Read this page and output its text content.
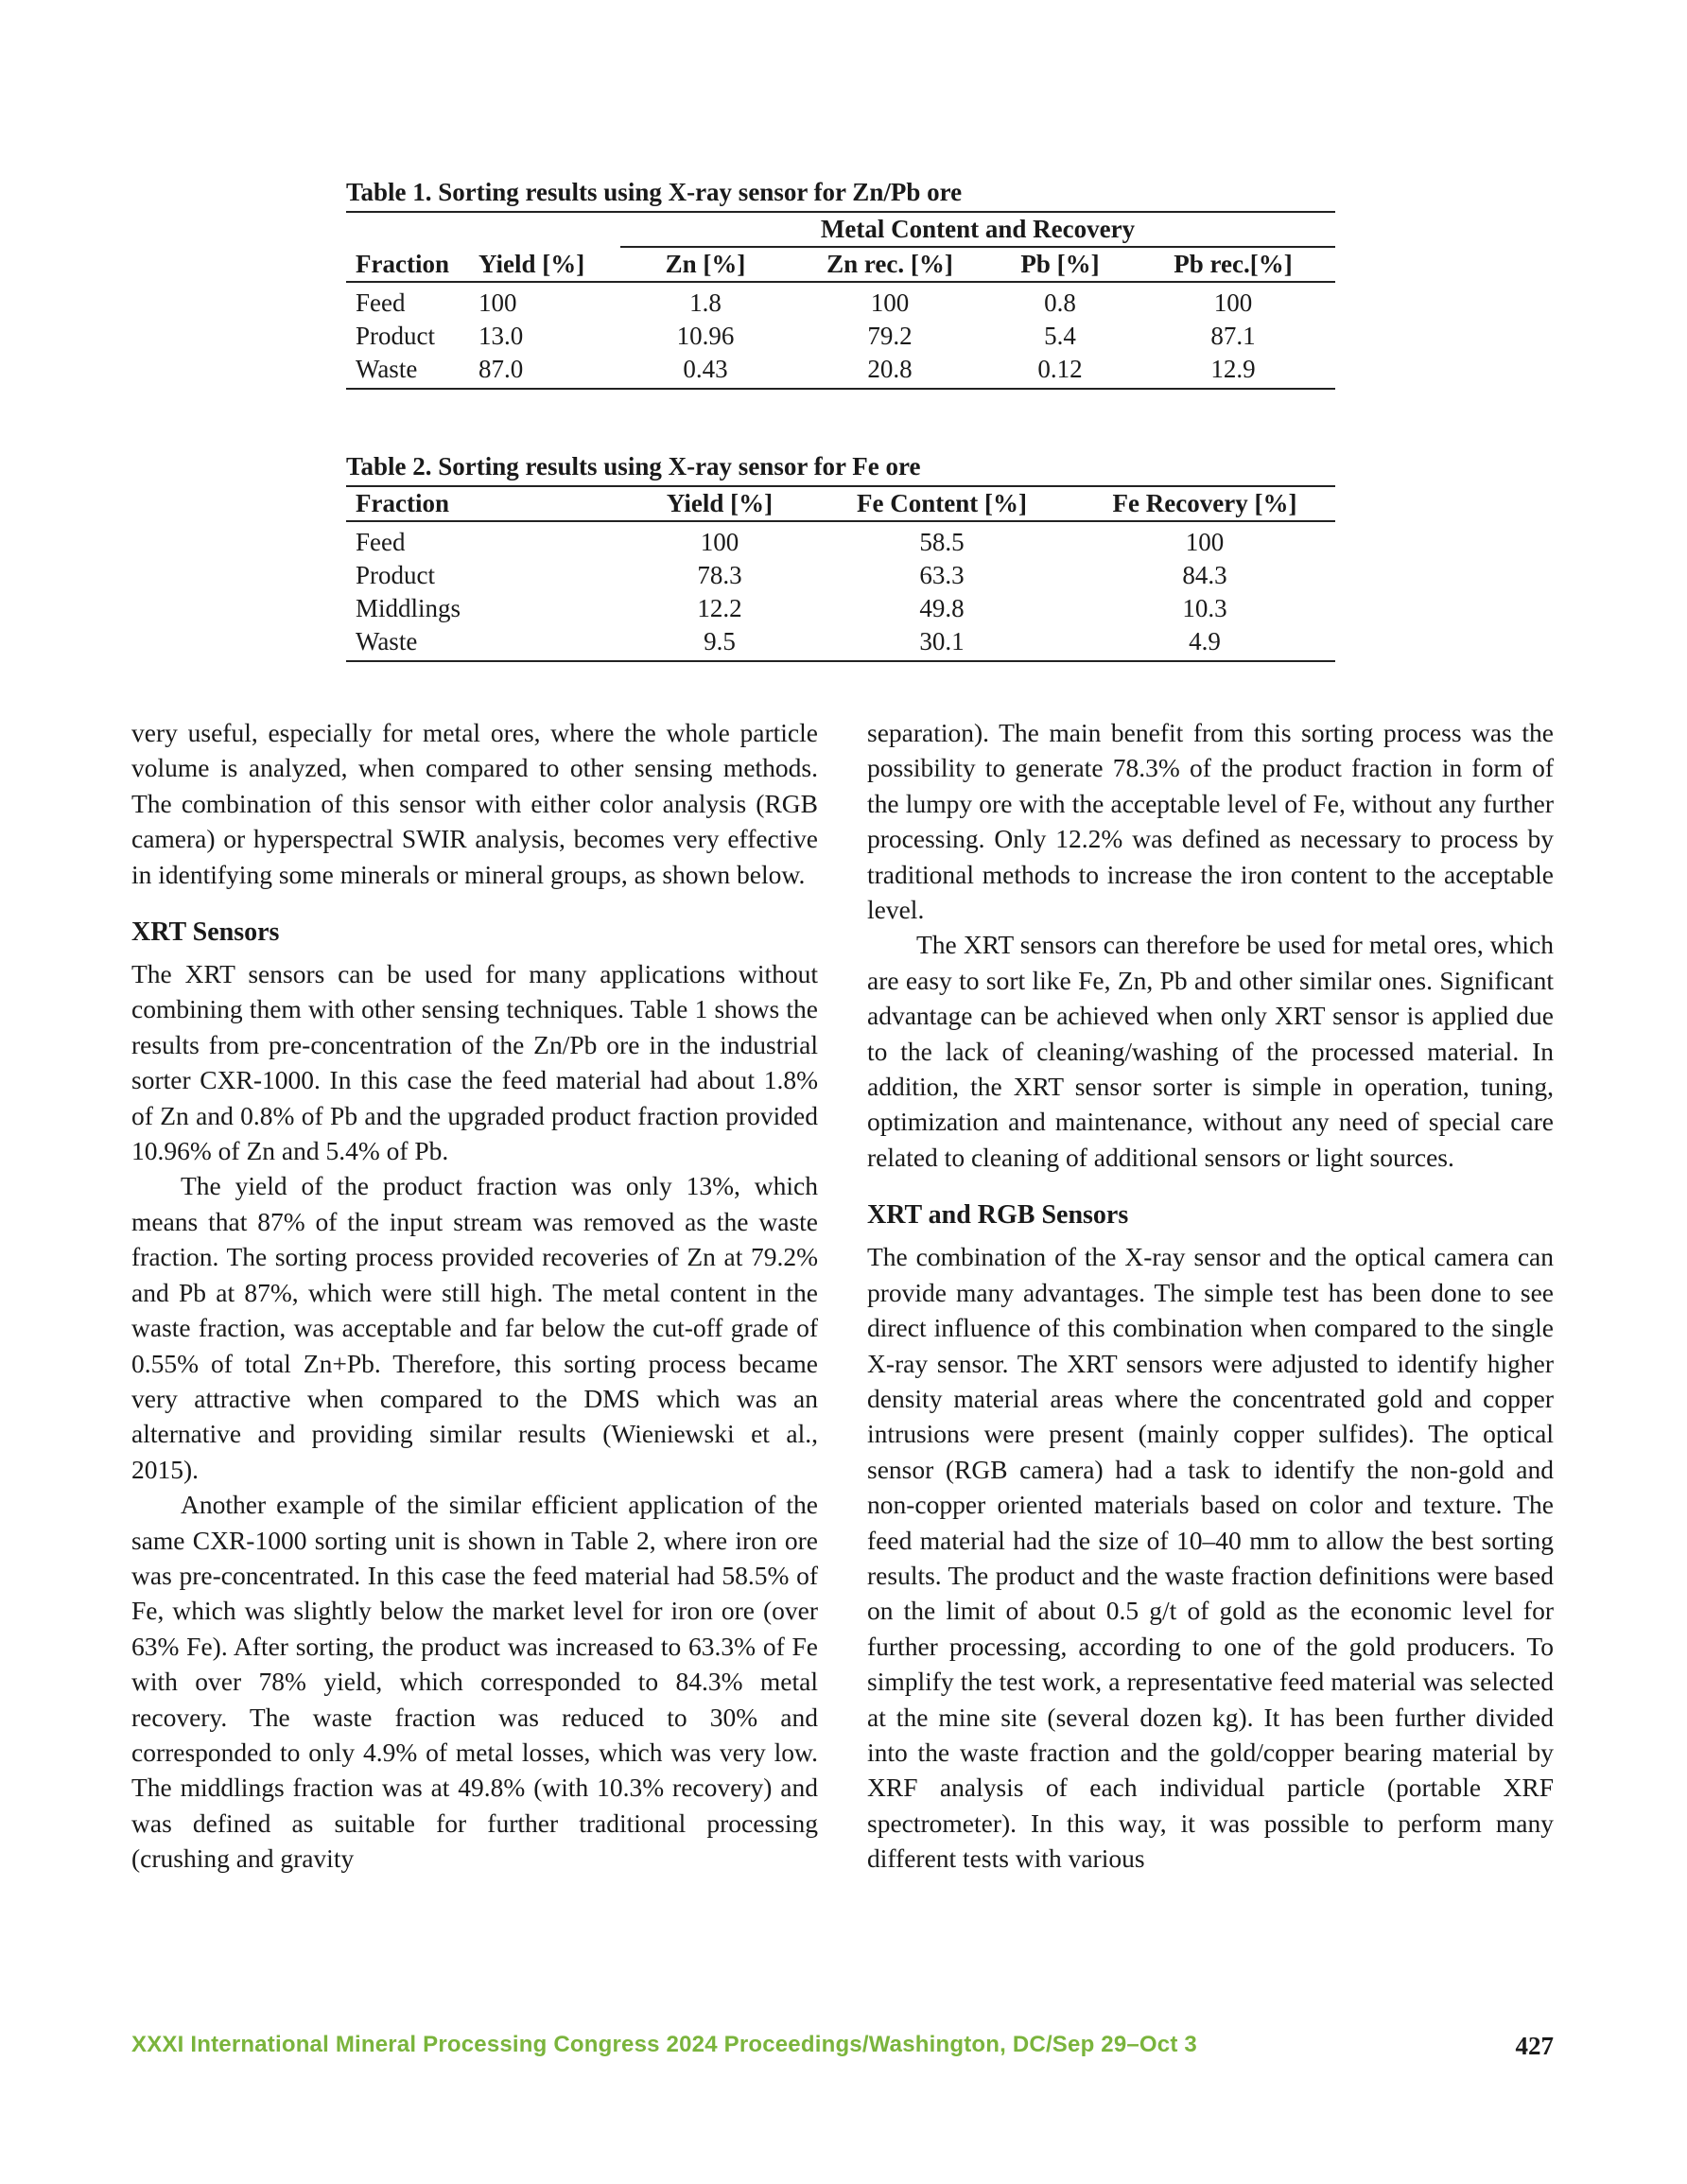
Table 1. Sorting results using X-ray sensor for Zn/Pb ore
		Metal Content and Recovery			
Fraction	Yield [%]	Zn [%]	Zn rec. [%]	Pb [%]	Pb rec.[%]
Feed	100	1.8	100	0.8	100
Product	13.0	10.96	79.2	5.4	87.1
Waste	87.0	0.43	20.8	0.12	12.9
Table 2. Sorting results using X-ray sensor for Fe ore
Fraction	Yield [%]	Fe Content [%]	Fe Recovery [%]
Feed	100	58.5	100
Product	78.3	63.3	84.3
Middlings	12.2	49.8	10.3
Waste	9.5	30.1	4.9

very useful, especially for metal ores, where the whole particle volume is analyzed, when compared to other sensing methods. The combination of this sensor with either color analysis (RGB camera) or hyperspectral SWIR analysis, becomes very effective in identifying some minerals or mineral groups, as shown below.

XRT Sensors

The XRT sensors can be used for many applications without combining them with other sensing techniques. Table 1 shows the results from pre-concentration of the Zn/Pb ore in the industrial sorter CXR-1000. In this case the feed material had about 1.8% of Zn and 0.8% of Pb and the upgraded product fraction provided 10.96% of Zn and 5.4% of Pb.

The yield of the product fraction was only 13%, which means that 87% of the input stream was removed as the waste fraction. The sorting process provided recoveries of Zn at 79.2% and Pb at 87%, which were still high. The metal content in the waste fraction, was acceptable and far below the cut-off grade of 0.55% of total Zn+Pb. Therefore, this sorting process became very attractive when compared to the DMS which was an alternative and providing similar results (Wieniewski et al., 2015).

Another example of the similar efficient application of the same CXR-1000 sorting unit is shown in Table 2, where iron ore was pre-concentrated. In this case the feed material had 58.5% of Fe, which was slightly below the market level for iron ore (over 63% Fe). After sorting, the product was increased to 63.3% of Fe with over 78% yield, which corresponded to 84.3% metal recovery. The waste fraction was reduced to 30% and corresponded to only 4.9% of metal losses, which was very low. The middlings fraction was at 49.8% (with 10.3% recovery) and was defined as suitable for further traditional processing (crushing and gravity

separation). The main benefit from this sorting process was the possibility to generate 78.3% of the product fraction in form of the lumpy ore with the acceptable level of Fe, without any further processing. Only 12.2% was defined as necessary to process by traditional methods to increase the iron content to the acceptable level.

The XRT sensors can therefore be used for metal ores, which are easy to sort like Fe, Zn, Pb and other similar ones. Significant advantage can be achieved when only XRT sensor is applied due to the lack of cleaning/washing of the processed material. In addition, the XRT sensor sorter is simple in operation, tuning, optimization and maintenance, without any need of special care related to cleaning of additional sensors or light sources.

XRT and RGB Sensors

The combination of the X-ray sensor and the optical camera can provide many advantages. The simple test has been done to see direct influence of this combination when compared to the single X-ray sensor. The XRT sensors were adjusted to identify higher density material areas where the concentrated gold and copper intrusions were present (mainly copper sulfides). The optical sensor (RGB camera) had a task to identify the non-gold and non-copper oriented materials based on color and texture. The feed material had the size of 10–40 mm to allow the best sorting results. The product and the waste fraction definitions were based on the limit of about 0.5 g/t of gold as the economic level for further processing, according to one of the gold producers. To simplify the test work, a representative feed material was selected at the mine site (several dozen kg). It has been further divided into the waste fraction and the gold/copper bearing material by XRF analysis of each individual particle (portable XRF spectrometer). In this way, it was possible to perform many different tests with various

XXXI International Mineral Processing Congress 2024 Proceedings/Washington, DC/Sep 29–Oct 3	427
